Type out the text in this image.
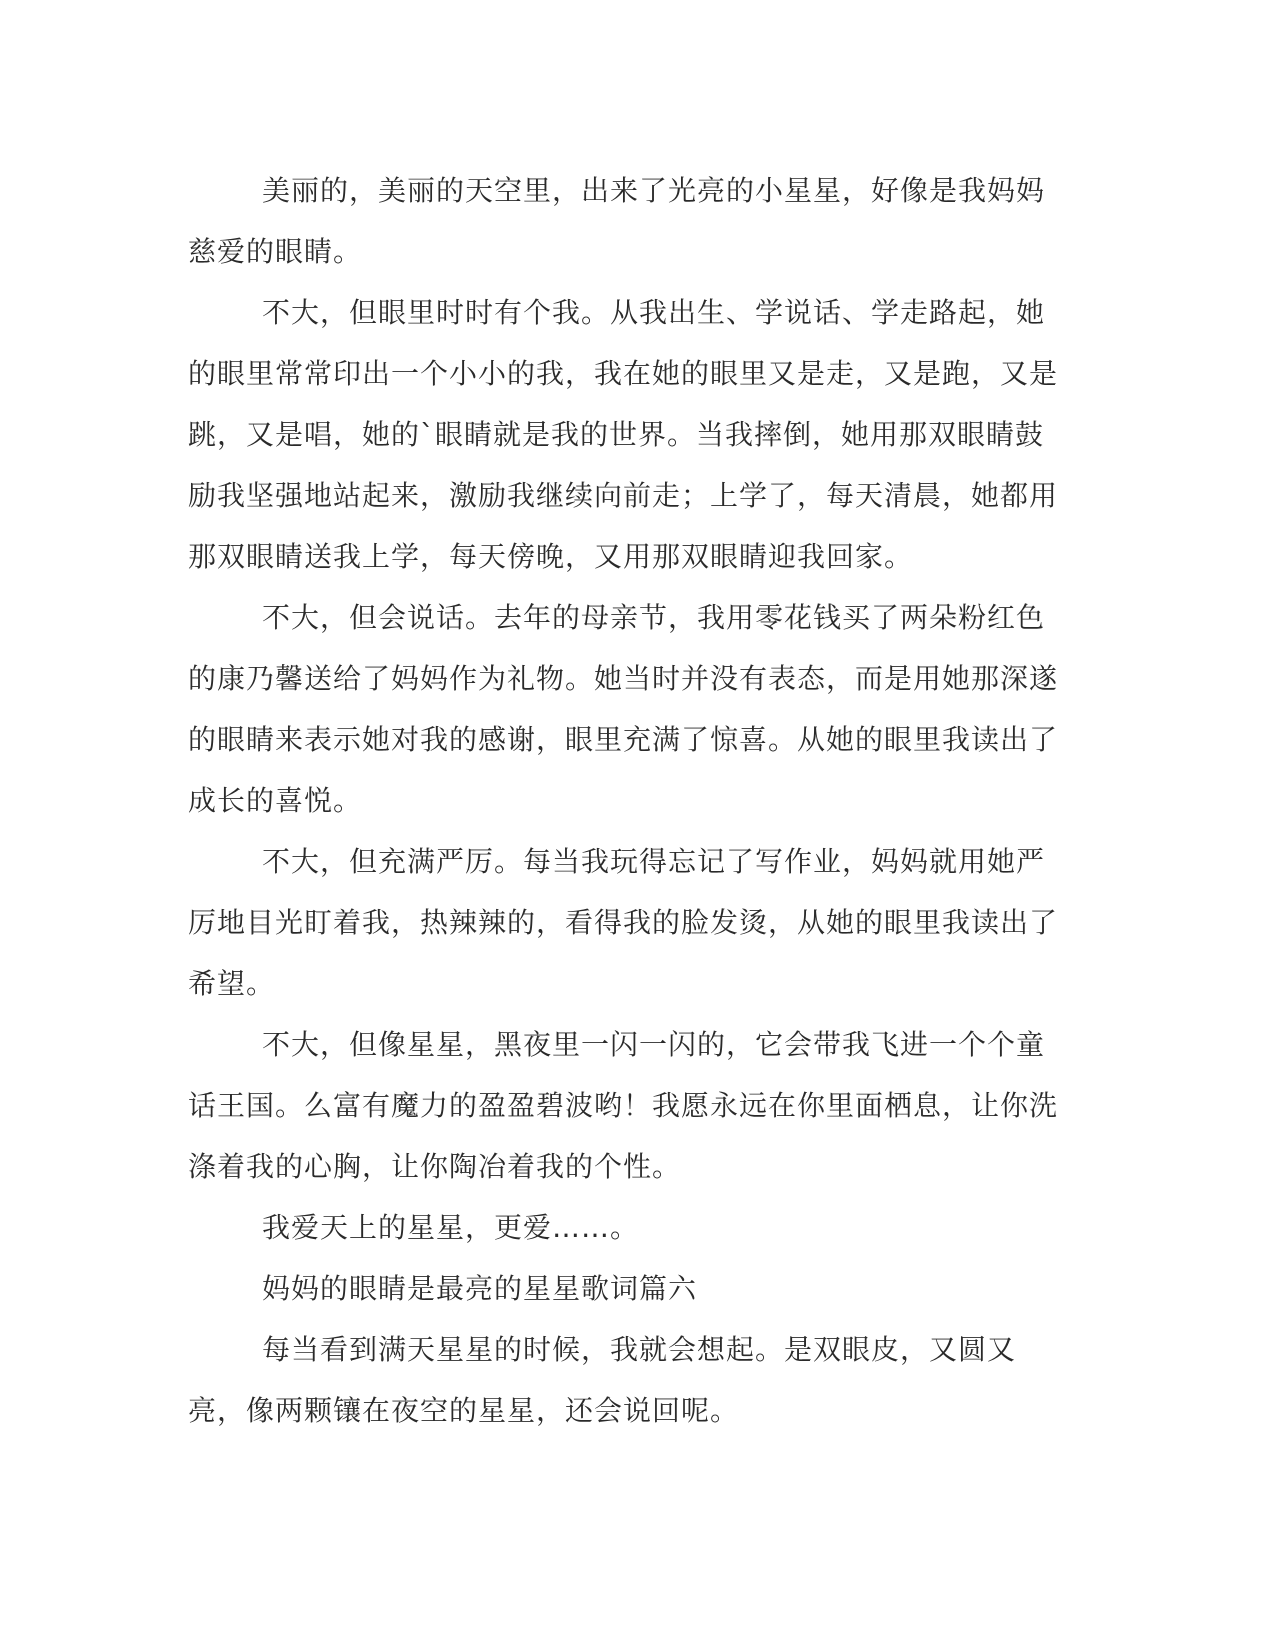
美丽的，美丽的天空里，出来了光亮的小星星，好像是我妈妈慈爱的眼睛。

不大，但眼里时时有个我。从我出生、学说话、学走路起，她的眼里常常印出一个小小的我，我在她的眼里又是走，又是跑，又是跳，又是唱，她的`眼睛就是我的世界。当我摔倒，她用那双眼睛鼓励我坚强地站起来，激励我继续向前走；上学了，每天清晨，她都用那双眼睛送我上学，每天傍晚，又用那双眼睛迎我回家。

不大，但会说话。去年的母亲节，我用零花钱买了两朵粉红色的康乃馨送给了妈妈作为礼物。她当时并没有表态，而是用她那深遂的眼睛来表示她对我的感谢，眼里充满了惊喜。从她的眼里我读出了成长的喜悦。

不大，但充满严厉。每当我玩得忘记了写作业，妈妈就用她严厉地目光盯着我，热辣辣的，看得我的脸发烫，从她的眼里我读出了希望。

不大，但像星星，黑夜里一闪一闪的，它会带我飞进一个个童话王国。么富有魔力的盈盈碧波哟！我愿永远在你里面栖息，让你洗涤着我的心胸，让你陶冶着我的个性。

我爱天上的星星，更爱……。

妈妈的眼睛是最亮的星星歌词篇六

每当看到满天星星的时候，我就会想起。是双眼皮，又圆又亮，像两颗镶在夜空的星星，还会说回呢。
